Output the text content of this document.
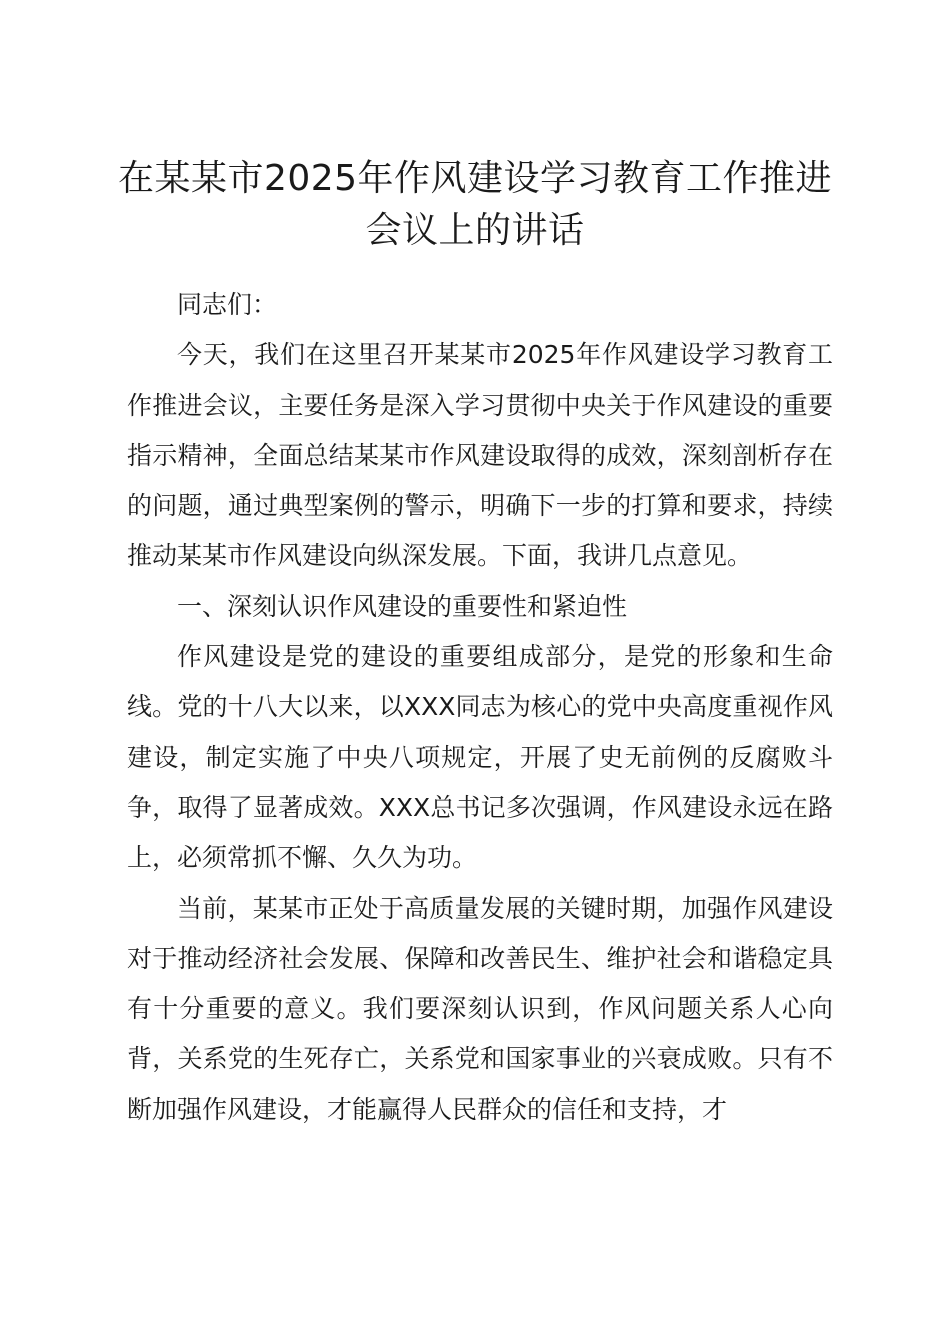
在某某市2025年作风建设学习教育工作推进会议上的讲话

同志们：

今天，我们在这里召开某某市2025年作风建设学习教育工作推进会议，主要任务是深入学习贯彻中央关于作风建设的重要指示精神，全面总结某某市作风建设取得的成效，深刻剖析存在的问题，通过典型案例的警示，明确下一步的打算和要求，持续推动某某市作风建设向纵深发展。下面，我讲几点意见。

一、深刻认识作风建设的重要性和紧迫性

作风建设是党的建设的重要组成部分，是党的形象和生命线。党的十八大以来，以XXX同志为核心的党中央高度重视作风建设，制定实施了中央八项规定，开展了史无前例的反腐败斗争，取得了显著成效。XXX总书记多次强调，作风建设永远在路上，必须常抓不懈、久久为功。

当前，某某市正处于高质量发展的关键时期，加强作风建设对于推动经济社会发展、保障和改善民生、维护社会和谐稳定具有十分重要的意义。我们要深刻认识到，作风问题关系人心向背，关系党的生死存亡，关系党和国家事业的兴衰成败。只有不断加强作风建设，才能赢得人民群众的信任和支持，才
